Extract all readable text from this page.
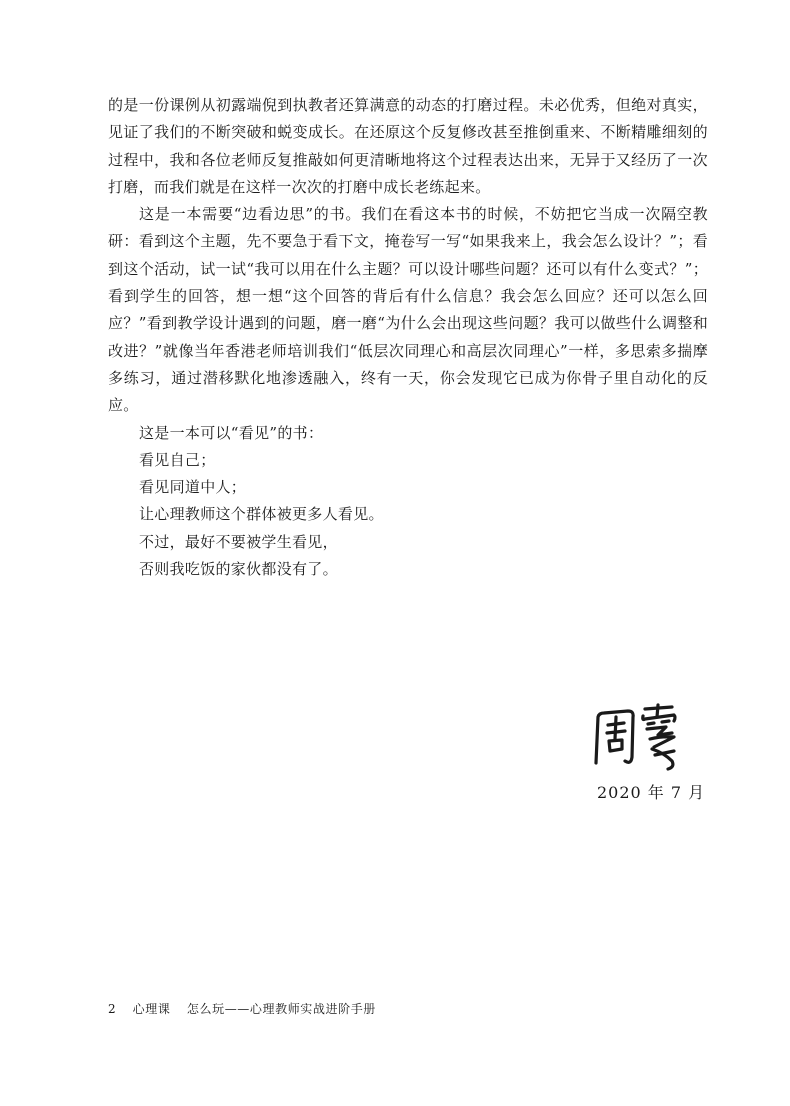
的是一份课例从初露端倪到执教者还算满意的动态的打磨过程。未必优秀，但绝对真实，见证了我们的不断突破和蜕变成长。在还原这个反复修改甚至推倒重来、不断精雕细刻的过程中，我和各位老师反复推敲如何更清晰地将这个过程表达出来，无异于又经历了一次打磨，而我们就是在这样一次次的打磨中成长老练起来。

这是一本需要“边看边思”的书。我们在看这本书的时候，不妨把它当成一次隔空教研：看到这个主题，先不要急于看下文，掩卷写一写“如果我来上，我会怎么设计？”；看到这个活动，试一试“我可以用在什么主题？可以设计哪些问题？还可以有什么变式？”；看到学生的回答，想一想“这个回答的背后有什么信息？我会怎么回应？还可以怎么回应？”看到教学设计遇到的问题，磨一磨“为什么会出现这些问题？我可以做些什么调整和改进？”就像当年香港老师培训我们“低层次同理心和高层次同理心”一样，多思索多揣摩多练习，通过潜移默化地渗透融入，终有一天，你会发现它已成为你骨子里自动化的反应。

这是一本可以“看见”的书：

看见自己；

看见同道中人；

让心理教师这个群体被更多人看见。

不过，最好不要被学生看见，

否则我吃饭的家伙都没有了。

2020 年 7 月
2 心理课 怎么玩——心理教师实战进阶手册
